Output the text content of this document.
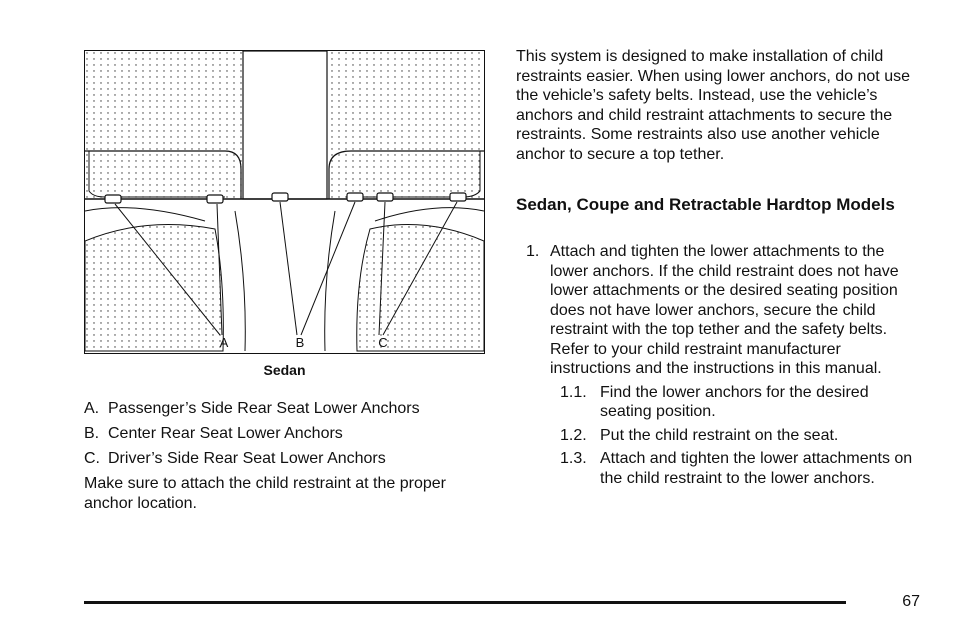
A	B	C
Sedan
A. Passenger’s Side Rear Seat Lower Anchors
B. Center Rear Seat Lower Anchors
C. Driver’s Side Rear Seat Lower Anchors
Make sure to attach the child restraint at the proper anchor location.
This system is designed to make installation of child restraints easier. When using lower anchors, do not use the vehicle’s safety belts. Instead, use the vehicle’s anchors and child restraint attachments to secure the restraints. Some restraints also use another vehicle anchor to secure a top tether.
Sedan, Coupe and Retractable Hardtop Models
1. Attach and tighten the lower attachments to the lower anchors. If the child restraint does not have lower attachments or the desired seating position does not have lower anchors, secure the child restraint with the top tether and the safety belts. Refer to your child restraint manufacturer instructions and the instructions in this manual.
1.1. Find the lower anchors for the desired seating position.
1.2. Put the child restraint on the seat.
1.3. Attach and tighten the lower attachments on the child restraint to the lower anchors.
67
